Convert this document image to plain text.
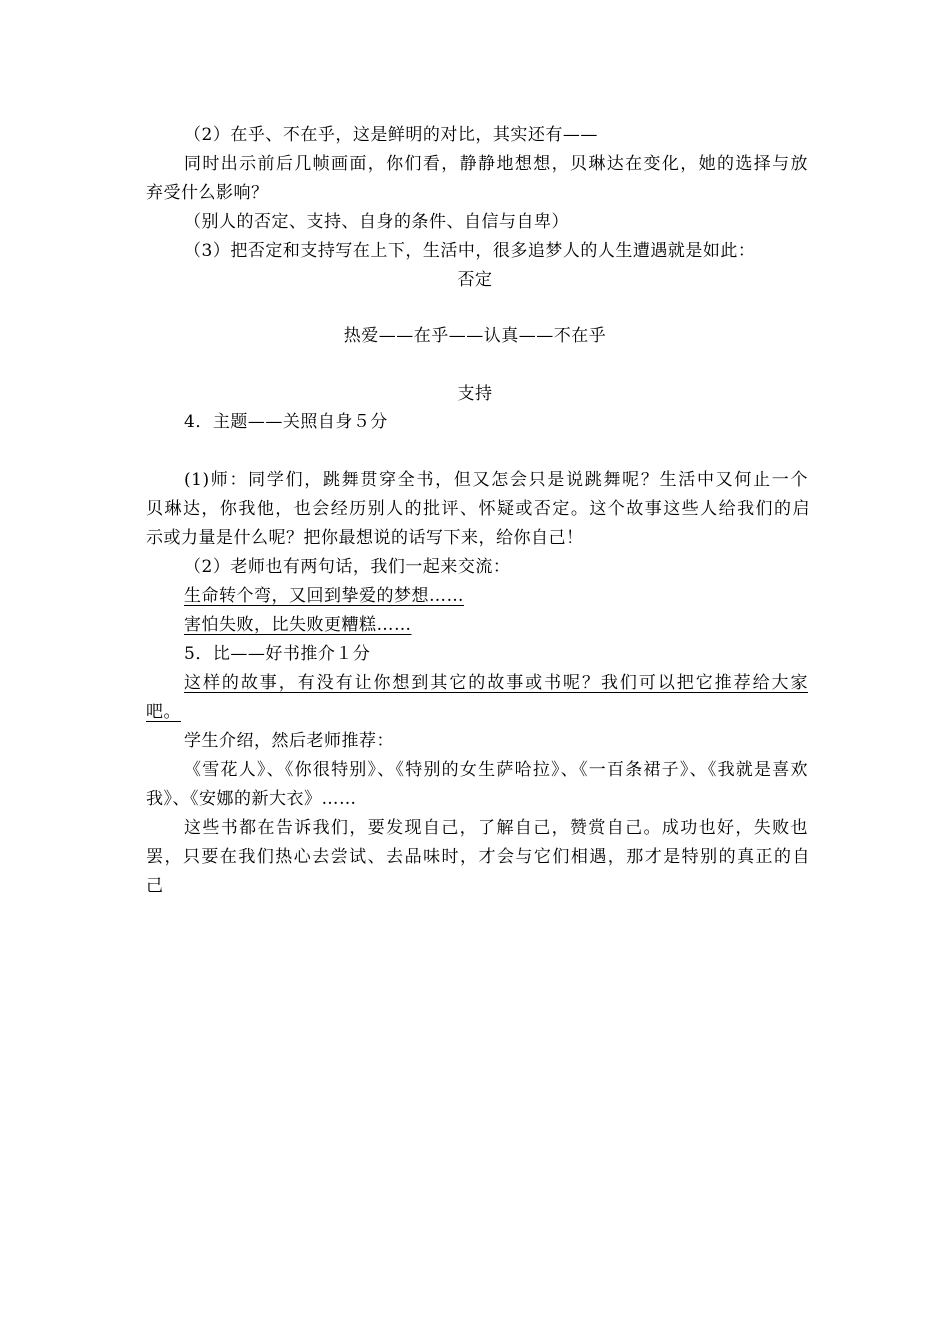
（2）在乎、不在乎，这是鲜明的对比，其实还有——
同时出示前后几帧画面，你们看，静静地想想，贝琳达在变化，她的选择与放
弃受什么影响？
（别人的否定、支持、自身的条件、自信与自卑）
（3）把否定和支持写在上下，生活中，很多追梦人的人生遭遇就是如此：
否定
热爱——在乎——认真——不在乎
支持
4．主题——关照自身５分
(1)师：同学们，跳舞贯穿全书，但又怎会只是说跳舞呢？生活中又何止一个
贝琳达，你我他，也会经历别人的批评、怀疑或否定。这个故事这些人给我们的启
示或力量是什么呢？把你最想说的话写下来，给你自己！
（2）老师也有两句话，我们一起来交流：
生命转个弯，又回到挚爱的梦想……
害怕失败，比失败更糟糕……
5．比——好书推介１分
这样的故事，有没有让你想到其它的故事或书呢？我们可以把它推荐给大家
吧。
学生介绍，然后老师推荐：
《雪花人》、《你很特别》、《特别的女生萨哈拉》、《一百条裙子》、《我就是喜欢
我》、《安娜的新大衣》……
这些书都在告诉我们，要发现自己，了解自己，赞赏自己。成功也好，失败也
罢，只要在我们热心去尝试、去品味时，才会与它们相遇，那才是特别的真正的自
己
